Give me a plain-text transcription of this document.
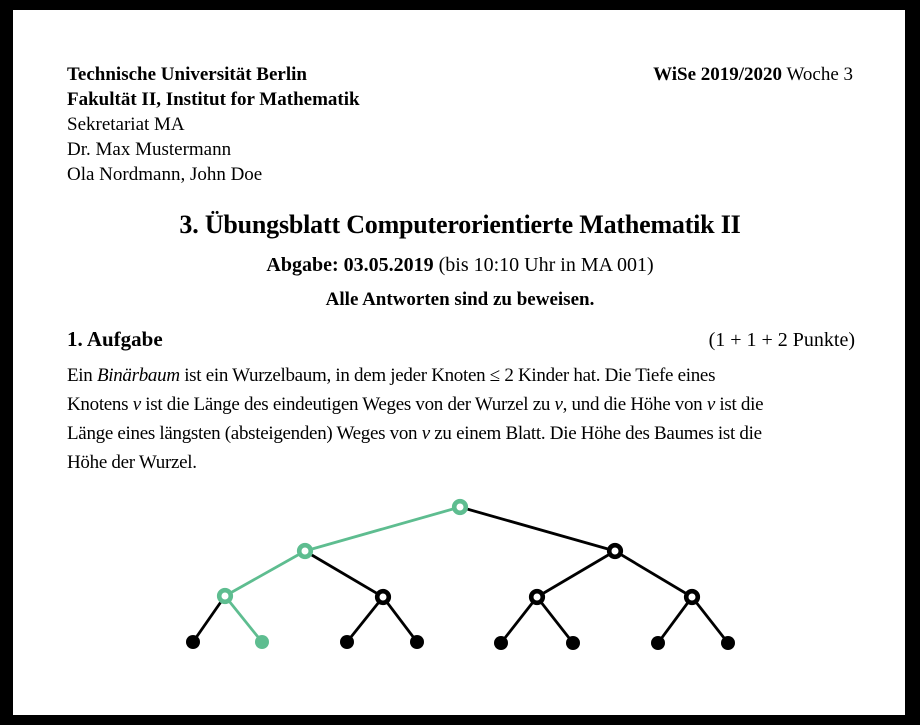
Technische Universität Berlin
Fakultät II, Institut for Mathematik
Sekretariat MA
Dr. Max Mustermann
Ola Nordmann, John Doe
WiSe 2019/2020 Woche 3
3. Übungsblatt Computerorientierte Mathematik II
Abgabe: 03.05.2019 (bis 10:10 Uhr in MA 001)
Alle Antworten sind zu beweisen.
1. Aufgabe	(1 + 1 + 2 Punkte)
Ein Binärbaum ist ein Wurzelbaum, in dem jeder Knoten ≤ 2 Kinder hat. Die Tiefe eines
Knotens v ist die Länge des eindeutigen Weges von der Wurzel zu v, und die Höhe von v ist die
Länge eines längsten (absteigenden) Weges von v zu einem Blatt. Die Höhe des Baumes ist die
Höhe der Wurzel.
